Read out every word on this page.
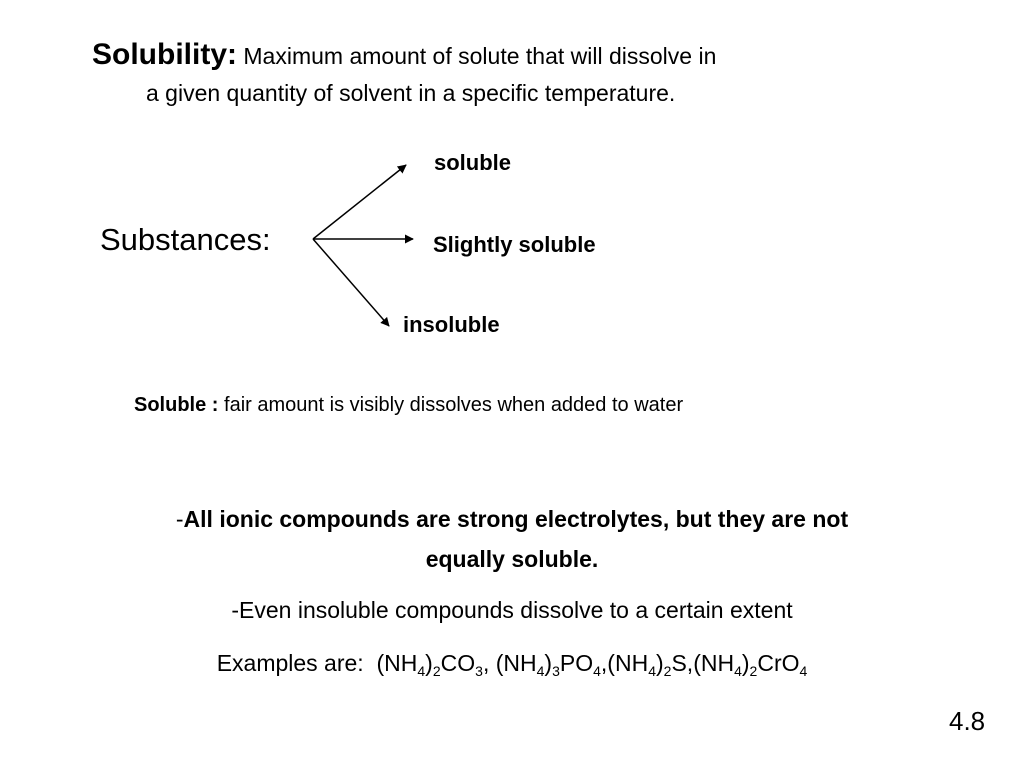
Solubility: Maximum amount of solute that will dissolve in
a given quantity of solvent in a specific temperature.
Substances:
soluble
Slightly soluble
insoluble
Soluble : fair amount is visibly dissolves when added to water
-All ionic compounds are strong electrolytes, but they are not
equally soluble.
-Even insoluble compounds dissolve to a certain extent
Examples are: $(NH_4)_2CO_3$, $(NH_4)_3PO_4,(NH_4)_2S,(NH_4)_2CrO_4$
4.8
